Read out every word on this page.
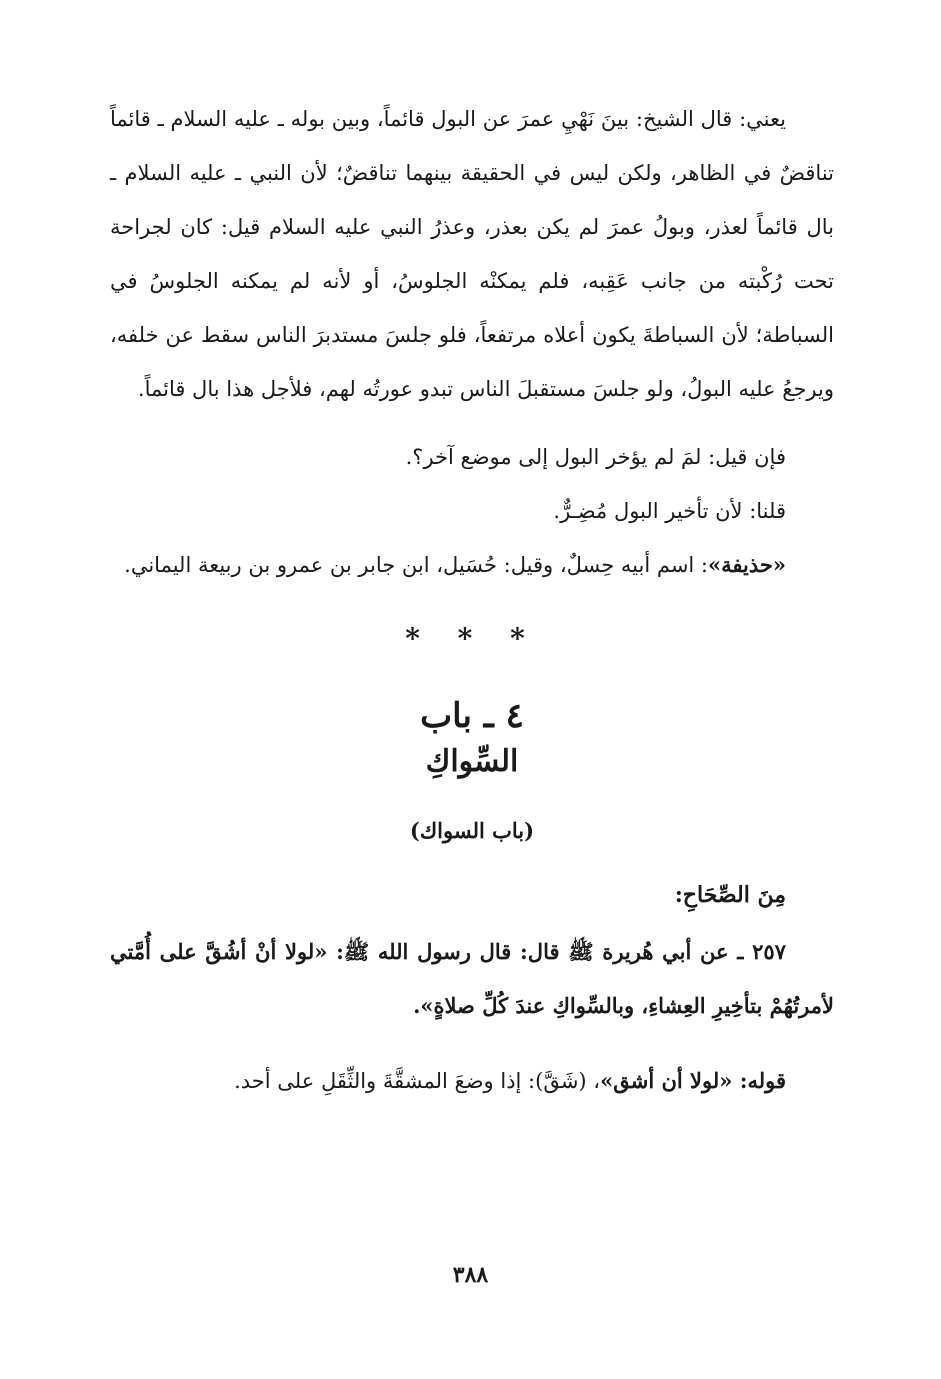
يعني: قال الشيخ: بينَ نَهْيِ عمرَ عن البول قائماً، وبين بوله ـ عليه السلام ـ قائماً تناقضٌ في الظاهر، ولكن ليس في الحقيقة بينهما تناقضٌ؛ لأن النبي ـ عليه السلام ـ بال قائماً لعذر، وبولُ عمرَ لم يكن بعذر، وعذرُ النبي عليه السلام قيل: كان لجراحة تحت رُكْبته من جانب عَقِبه، فلم يمكنْه الجلوسُ، أو لأنه لم يمكنه الجلوسُ في السباطة؛ لأن السباطةَ يكون أعلاه مرتفعاً، فلو جلسَ مستدبرَ الناس سقط عن خلفه، ويرجعُ عليه البولُ، ولو جلسَ مستقبلَ الناس تبدو عورتُه لهم، فلأجل هذا بال قائماً.

فإن قيل: لمَ لم يؤخر البول إلى موضع آخر؟.

قلنا: لأن تأخير البول مُضِـرٌّ.

«حذيفة»: اسم أبيه حِسلٌ، وقيل: حُسَيل، ابن جابر بن عمرو بن ربيعة اليماني.

* * *
٤ ـ باب
السِّواكِ
(باب السواك)
مِنَ الصِّحَاحِ:

٢٥٧ ـ عن أبي هُريرة ﷺ قال: قال رسول الله ﷺ: «لولا أنْ أشُقَّ على أُمَّتي لأمرتُهُمْ بتأخِيرِ العِشاءِ، وبالسِّواكِ عندَ كُلِّ صلاةٍ».

قوله: «لولا أن أشق»، (شَقَّ): إذا وضعَ المشقَّةَ والثِّقَلِ على أحد.

٣٨٨
